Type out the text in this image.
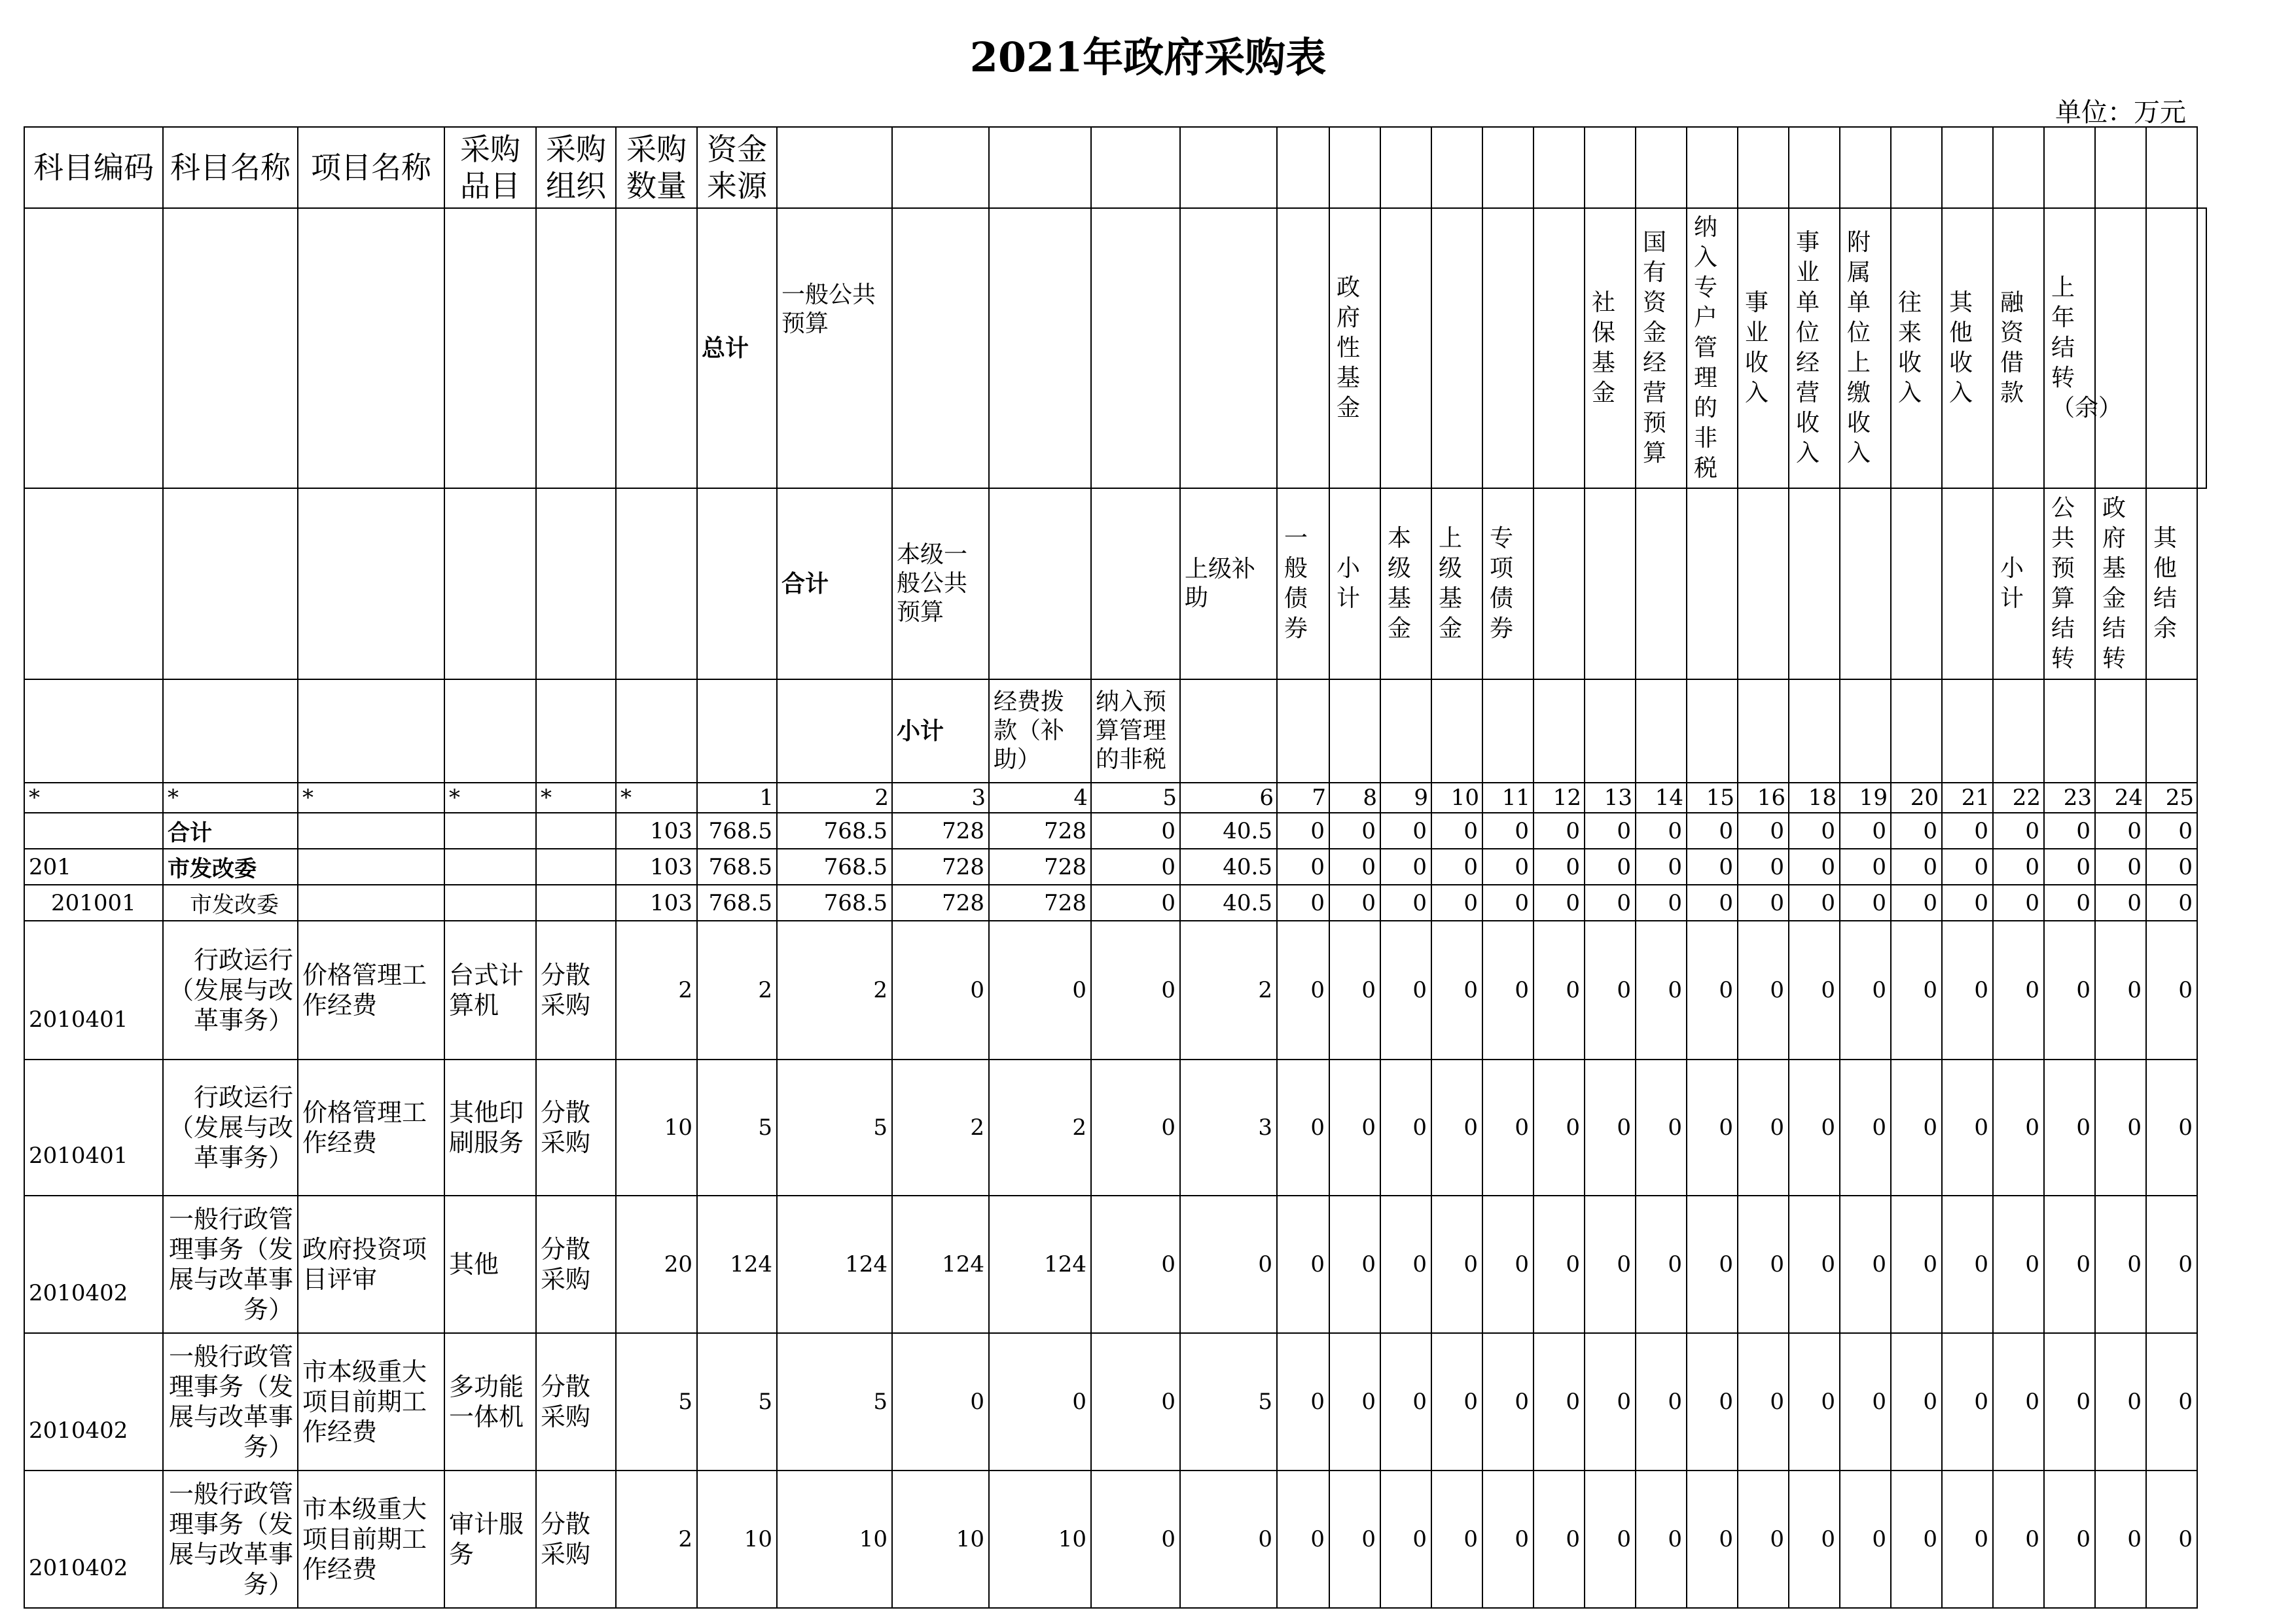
2021年政府采购表
单位：万元
科目编码	科目名称	项目名称	采购品目	采购组织	采购数量	资金来源																								
						总计	一般公共预算						政府性基金					社保基金	国有资金经营预算	纳入专户管理的非税	事业收入	事业单位经营收入	附属单位上缴收入	往来收入	其他收入	融资借款	上年结转（余）			

							合计	本级一般公共预算			上级补助	一般债券	小计	本级基金	上级基金	专项债券										小计	公共预算结转	政府基金结转	其他结余	

								小计	经费拨款（补助）	纳入预算管理的非税																				
*	*	*	*	*	*	1	2	3	4	5	6	7	8	9	10	11	12	13	14	15	16	18	19	20	21	22	23	24	25	
	合计				103	768.5	768.5	728	728	0	40.5	0	0	0	0	0	0	0	0	0	0	0	0	0	0	0	0	0	0	
201	市发改委				103	768.5	768.5	728	728	0	40.5	0	0	0	0	0	0	0	0	0	0	0	0	0	0	0	0	0	0	
201001	市发改委				103	768.5	768.5	728	728	0	40.5	0	0	0	0	0	0	0	0	0	0	0	0	0	0	0	0	0	0	
2010401	行政运行（发展与改革事务）	价格管理工作经费	台式计算机	分散采购	2	2	2	0	0	0	2	0	0	0	0	0	0	0	0	0	0	0	0	0	0	0	0	0	0	
2010401	行政运行（发展与改革事务）	价格管理工作经费	其他印刷服务	分散采购	10	5	5	2	2	0	3	0	0	0	0	0	0	0	0	0	0	0	0	0	0	0	0	0	0	
2010402	一般行政管理事务（发展与改革事务）	政府投资项目评审	其他	分散采购	20	124	124	124	124	0	0	0	0	0	0	0	0	0	0	0	0	0	0	0	0	0	0	0	0	
2010402	一般行政管理事务（发展与改革事务）	市本级重大项目前期工作经费	多功能一体机	分散采购	5	5	5	0	0	0	5	0	0	0	0	0	0	0	0	0	0	0	0	0	0	0	0	0	0	
2010402	一般行政管理事务（发展与改革事务）	市本级重大项目前期工作经费	审计服务	分散采购	2	10	10	10	10	0	0	0	0	0	0	0	0	0	0	0	0	0	0	0	0	0	0	0	0	
